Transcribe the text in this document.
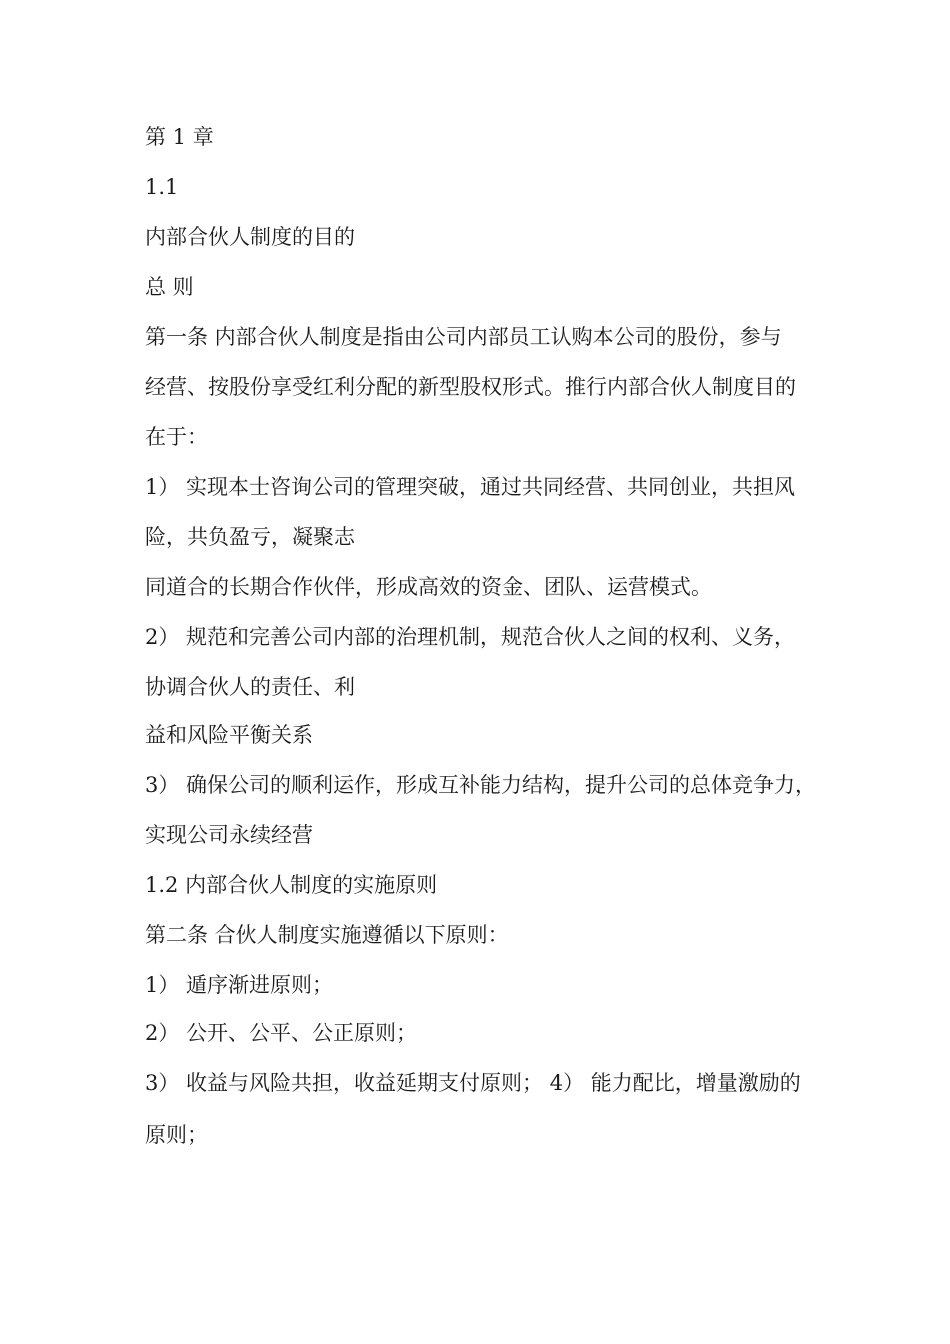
第 1 章
1.1
内部合伙人制度的目的
总 则
第一条 内部合伙人制度是指由公司内部员工认购本公司的股份，参与
经营、按股份享受红利分配的新型股权形式。推行内部合伙人制度目的
在于：
1） 实现本士咨询公司的管理突破，通过共同经营、共同创业，共担风
险，共负盈亏，凝聚志
同道合的长期合作伙伴，形成高效的资金、团队、运营模式。
2） 规范和完善公司内部的治理机制，规范合伙人之间的权利、义务，
协调合伙人的责任、利
益和风险平衡关系
3） 确保公司的顺利运作，形成互补能力结构，提升公司的总体竞争力，
实现公司永续经营
1.2 内部合伙人制度的实施原则
第二条 合伙人制度实施遵循以下原则：
1） 遁序渐进原则；
2） 公开、公平、公正原则；
3） 收益与风险共担，收益延期支付原则； 4） 能力配比，增量激励的
原则；
